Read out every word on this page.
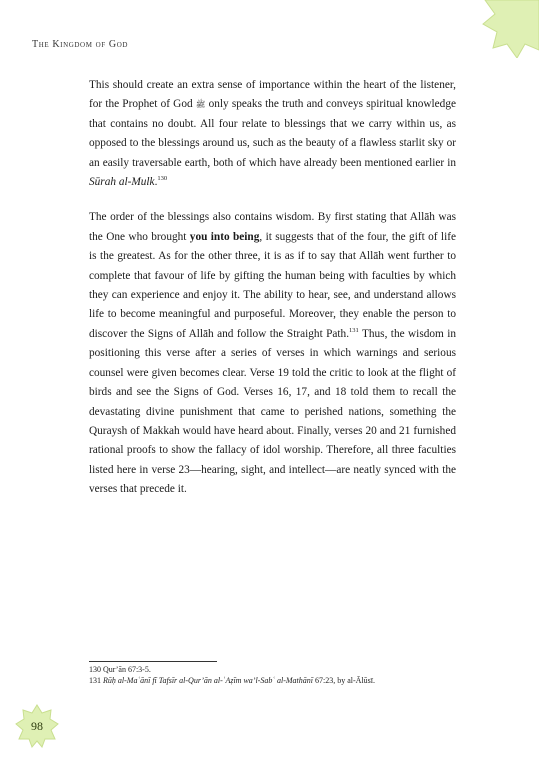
The Kingdom of God

This should create an extra sense of importance within the heart of the listener, for the Prophet of God ﷺ only speaks the truth and conveys spiritual knowledge that contains no doubt. All four relate to blessings that we carry within us, as opposed to the blessings around us, such as the beauty of a flawless starlit sky or an easily traversable earth, both of which have already been mentioned earlier in Sūrah al-Mulk.$^{130}$

The order of the blessings also contains wisdom. By first stating that Allāh was the One who brought you into being, it suggests that of the four, the gift of life is the greatest. As for the other three, it is as if to say that Allāh went further to complete that favour of life by gifting the human being with faculties by which they can experience and enjoy it. The ability to hear, see, and understand allows life to become meaningful and purposeful. Moreover, they enable the person to discover the Signs of Allāh and follow the Straight Path.$^{131}$ Thus, the wisdom in positioning this verse after a series of verses in which warnings and serious counsel were given becomes clear. Verse 19 told the critic to look at the flight of birds and see the Signs of God. Verses 16, 17, and 18 told them to recall the devastating divine punishment that came to perished nations, something the Quraysh of Makkah would have heard about. Finally, verses 20 and 21 furnished rational proofs to show the fallacy of idol worship. Therefore, all three faculties listed here in verse 23—hearing, sight, and intellect—are neatly synced with the verses that precede it.

130 Qur’ān 67:3-5.
131 Rūḥ al-Maʿānī fī Tafsīr al-Qur’ān al-ʿAẓīm wa’l-Sabʿ al-Mathānī 67:23, by al-Ālūsī.
98
